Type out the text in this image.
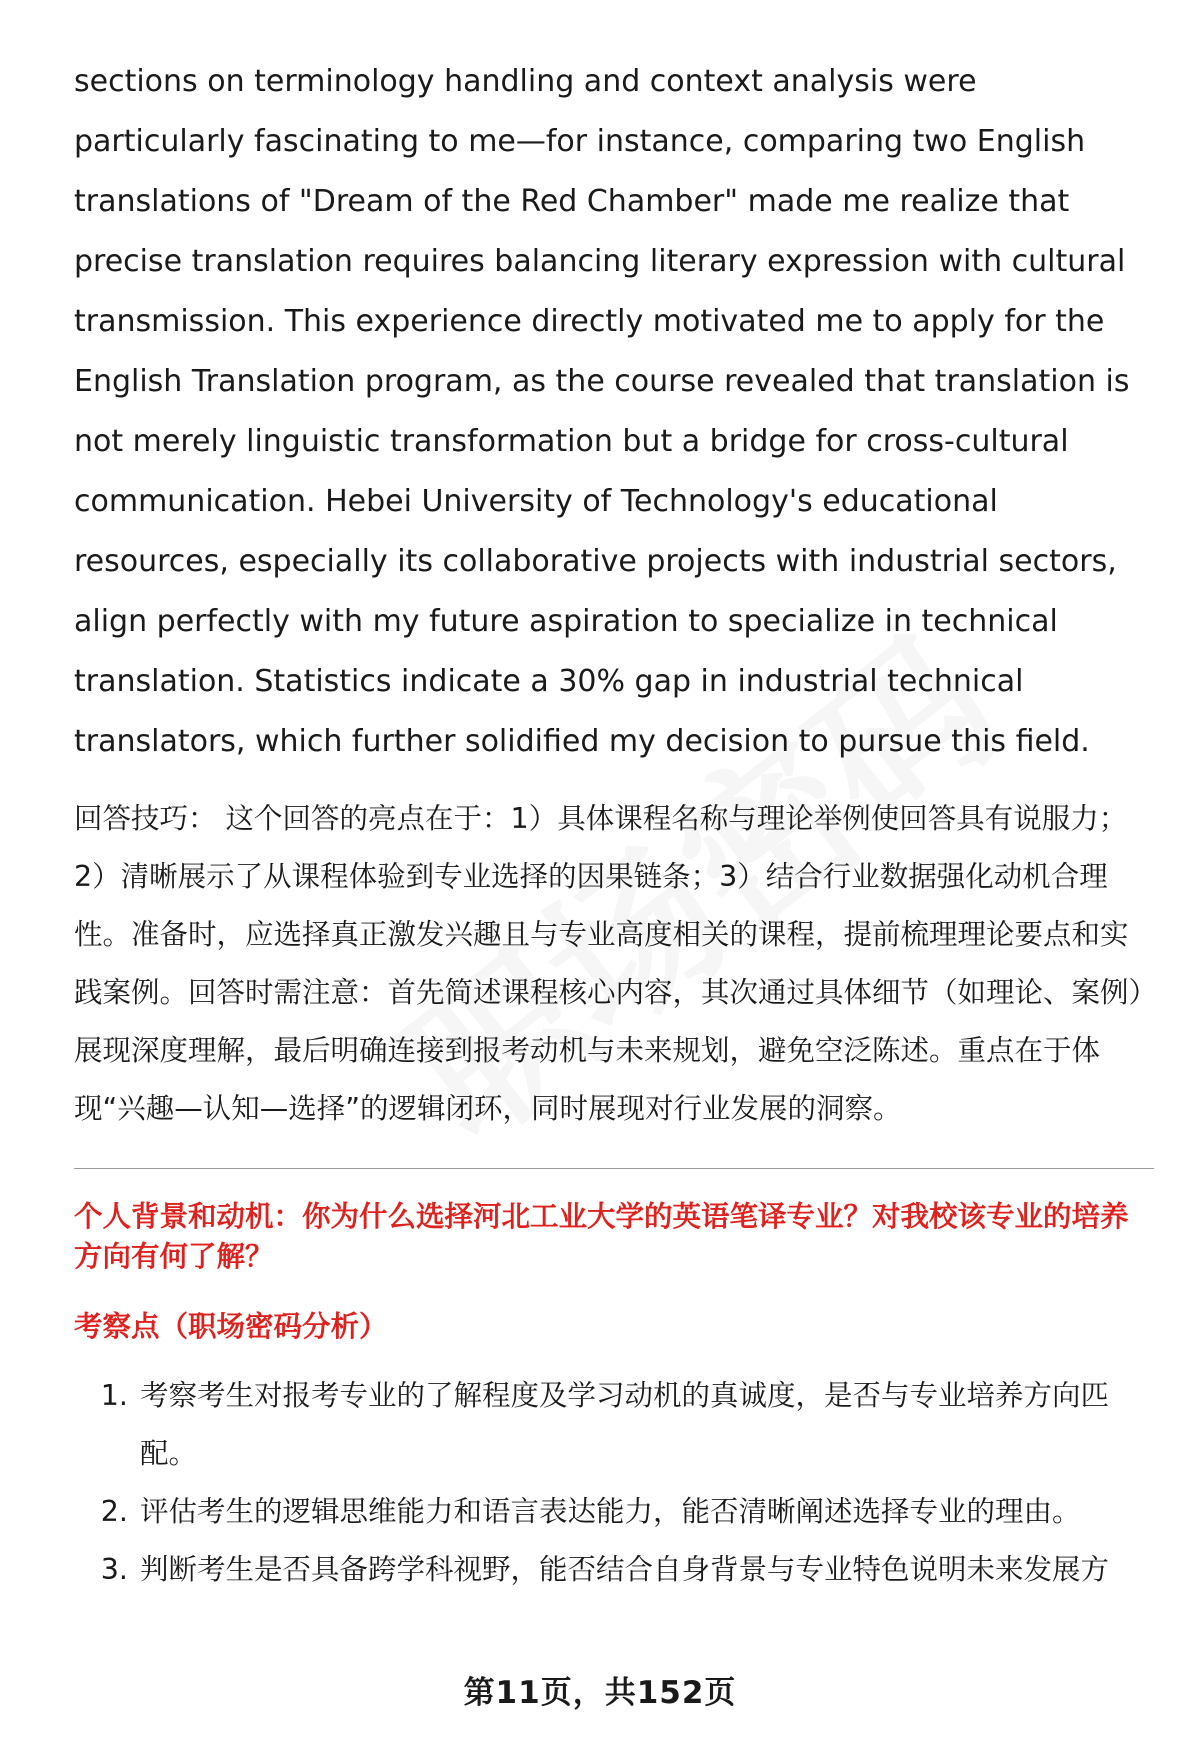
sections on terminology handling and context analysis were particularly fascinating to me—for instance, comparing two English translations of "Dream of the Red Chamber" made me realize that precise translation requires balancing literary expression with cultural transmission. This experience directly motivated me to apply for the English Translation program, as the course revealed that translation is not merely linguistic transformation but a bridge for cross-cultural communication. Hebei University of Technology's educational resources, especially its collaborative projects with industrial sectors, align perfectly with my future aspiration to specialize in technical translation. Statistics indicate a 30% gap in industrial technical translators, which further solidified my decision to pursue this field.

回答技巧： 这个回答的亮点在于：1）具体课程名称与理论举例使回答具有说服力；2）清晰展示了从课程体验到专业选择的因果链条；3）结合行业数据强化动机合理性。准备时，应选择真正激发兴趣且与专业高度相关的课程，提前梳理理论要点和实践案例。回答时需注意：首先简述课程核心内容，其次通过具体细节（如理论、案例）展现深度理解，最后明确连接到报考动机与未来规划，避免空泛陈述。重点在于体现“兴趣—认知—选择”的逻辑闭环，同时展现对行业发展的洞察。

个人背景和动机：你为什么选择河北工业大学的英语笔译专业？对我校该专业的培养方向有何了解？

考察点（职场密码分析）

1. 考察考生对报考专业的了解程度及学习动机的真诚度，是否与专业培养方向匹配。
2. 评估考生的逻辑思维能力和语言表达能力，能否清晰阐述选择专业的理由。
3. 判断考生是否具备跨学科视野，能否结合自身背景与专业特色说明未来发展方
第11页，共152页
